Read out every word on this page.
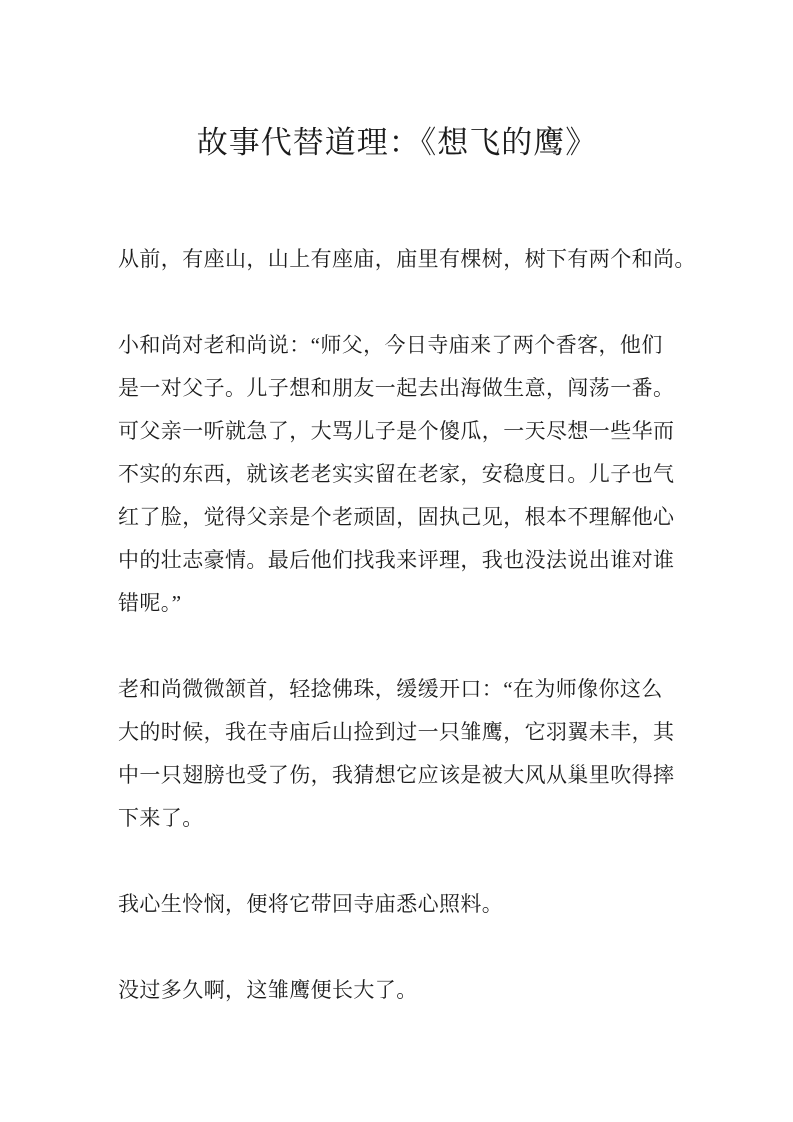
故事代替道理：《想飞的鹰》
从前，有座山，山上有座庙，庙里有棵树，树下有两个和尚。
小和尚对老和尚说：“师父，今日寺庙来了两个香客，他们
是一对父子。儿子想和朋友一起去出海做生意，闯荡一番。
可父亲一听就急了，大骂儿子是个傻瓜，一天尽想一些华而
不实的东西，就该老老实实留在老家，安稳度日。儿子也气
红了脸，觉得父亲是个老顽固，固执己见，根本不理解他心
中的壮志豪情。最后他们找我来评理，我也没法说出谁对谁
错呢。”
老和尚微微颔首，轻捻佛珠，缓缓开口：“在为师像你这么
大的时候，我在寺庙后山捡到过一只雏鹰，它羽翼未丰，其
中一只翅膀也受了伤，我猜想它应该是被大风从巢里吹得摔
下来了。
我心生怜悯，便将它带回寺庙悉心照料。
没过多久啊，这雏鹰便长大了。
